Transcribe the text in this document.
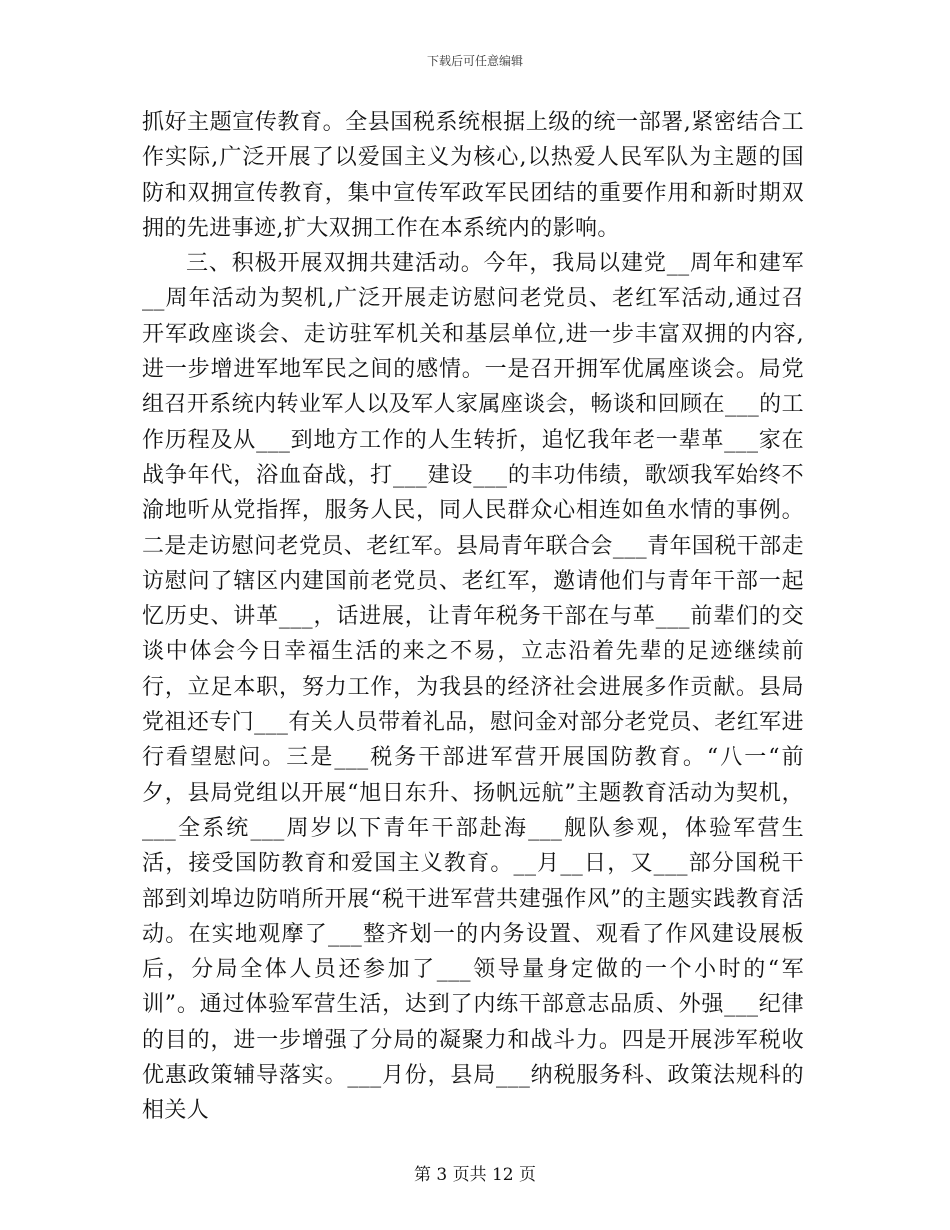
下载后可任意编辑

抓好主题宣传教育。全县国税系统根据上级的统一部署,紧密结合工作实际,广泛开展了以爱国主义为核心,以热爱人民军队为主题的国防和双拥宣传教育，集中宣传军政军民团结的重要作用和新时期双拥的先进事迹,扩大双拥工作在本系统内的影响。

三、积极开展双拥共建活动。今年，我局以建党__周年和建军__周年活动为契机,广泛开展走访慰问老党员、老红军活动,通过召开军政座谈会、走访驻军机关和基层单位,进一步丰富双拥的内容,进一步增进军地军民之间的感情。一是召开拥军优属座谈会。局党组召开系统内转业军人以及军人家属座谈会，畅谈和回顾在___的工作历程及从___到地方工作的人生转折，追忆我年老一辈革___家在战争年代，浴血奋战，打___建设___的丰功伟绩，歌颂我军始终不渝地听从党指挥，服务人民，同人民群众心相连如鱼水情的事例。二是走访慰问老党员、老红军。县局青年联合会___青年国税干部走访慰问了辖区内建国前老党员、老红军，邀请他们与青年干部一起忆历史、讲革___，话进展，让青年税务干部在与革___前辈们的交谈中体会今日幸福生活的来之不易，立志沿着先辈的足迹继续前行，立足本职，努力工作，为我县的经济社会进展多作贡献。县局党祖还专门___有关人员带着礼品，慰问金对部分老党员、老红军进行看望慰问。三是___税务干部进军营开展国防教育。“八一“前夕，县局党组以开展“旭日东升、扬帆远航”主题教育活动为契机，___全系统___周岁以下青年干部赴海___舰队参观，体验军营生活，接受国防教育和爱国主义教育。__月__日，又___部分国税干部到刘埠边防哨所开展“税干进军营共建强作风”的主题实践教育活动。在实地观摩了___整齐划一的内务设置、观看了作风建设展板后，分局全体人员还参加了___领导量身定做的一个小时的“军训”。通过体验军营生活，达到了内练干部意志品质、外强___纪律的目的，进一步增强了分局的凝聚力和战斗力。四是开展涉军税收优惠政策辅导落实。___月份，县局___纳税服务科、政策法规科的相关人

第 3 页共 12 页
